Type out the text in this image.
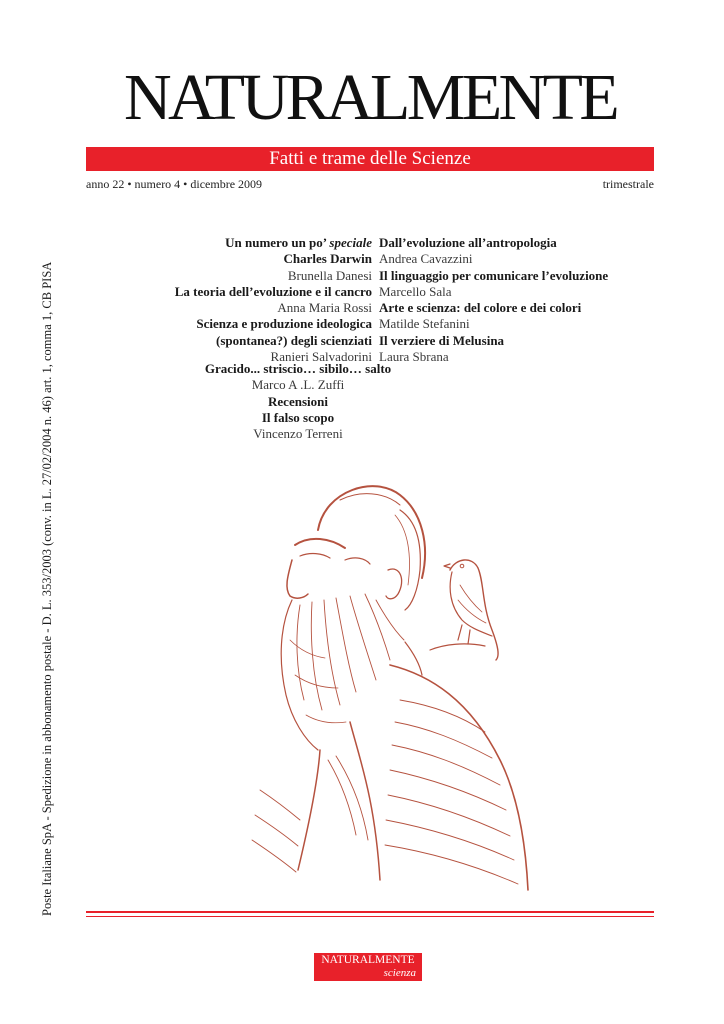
NATURALMENTE
Fatti e trame delle Scienze
anno 22 • numero 4 • dicembre 2009	trimestrale
Poste Italiane SpA - Spedizione in abbonamento postale - D. L. 353/2003 (conv. in L. 27/02/2004 n. 46) art. 1, comma 1, CB PISA
Un numero un po’ speciale
Charles Darwin
Brunella Danesi
La teoria dell’evoluzione e il cancro
Anna Maria Rossi
Scienza e produzione ideologica
(spontanea?) degli scienziati
Ranieri Salvadorini
Dall’evoluzione all’antropologia
Andrea Cavazzini
Il linguaggio per comunicare l’evoluzione
Marcello Sala
Arte e scienza: del colore e dei colori
Matilde Stefanini
Il verziere di Melusina
Laura Sbrana
Gracido... striscio… sibilo… salto
Marco A .L. Zuffi
Recensioni
Il falso scopo
Vincenzo Terreni
NATURALMENTE
scienza
